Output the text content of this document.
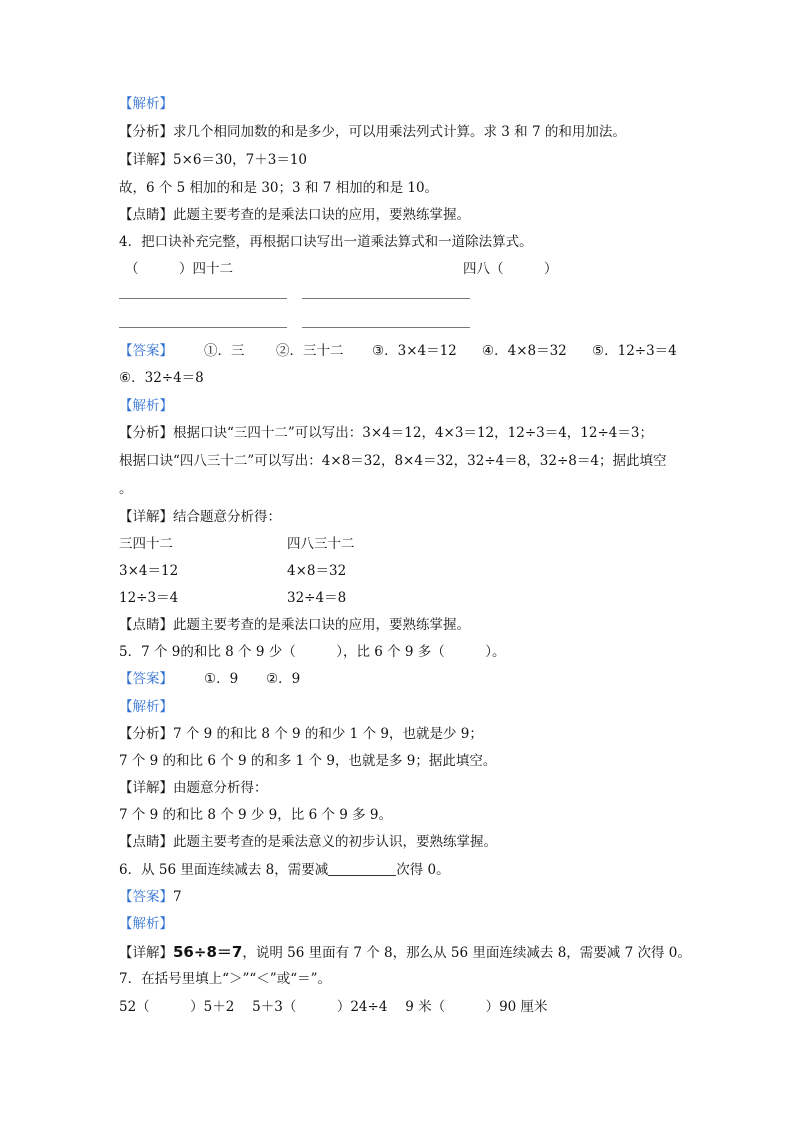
【解析】
【分析】求几个相同加数的和是多少，可以用乘法列式计算。求 3 和 7 的和用加法。
【详解】5×6＝30，7＋3＝10
故，6 个 5 相加的和是 30；3 和 7 相加的和是 10。
【点睛】此题主要考查的是乘法口诀的应用，要熟练掌握。
4．把口诀补充完整，再根据口诀写出一道乘法算式和一道除法算式。
（　　　）四十二	四八（　　　）
【答案】 ①．三 ②．三十二 ③．3×4＝12 ④．4×8＝32 ⑤．12÷3＝4
⑥．32÷4＝8
【解析】
【分析】根据口诀“三四十二”可以写出：3×4＝12，4×3＝12，12÷3＝4，12÷4＝3；
根据口诀“四八三十二”可以写出：4×8＝32，8×4＝32，32÷4＝8，32÷8＝4；据此填空
。
【详解】结合题意分析得：
三四十二	四八三十二
3×4＝12	4×8＝32
12÷3＝4	32÷4＝8
【点睛】此题主要考查的是乘法口诀的应用，要熟练掌握。
5．7 个 9的和比 8 个 9 少（　　　），比 6 个 9 多（　　　）。
【答案】 ①．9 ②．9
【解析】
【分析】7 个 9 的和比 8 个 9 的和少 1 个 9，也就是少 9；
7 个 9 的和比 6 个 9 的和多 1 个 9，也就是多 9；据此填空。
【详解】由题意分析得：
7 个 9 的和比 8 个 9 少 9，比 6 个 9 多 9。
【点睛】此题主要考查的是乘法意义的初步认识，要熟练掌握。
6．从 56 里面连续减去 8，需要减	次得 0。
【答案】7
【解析】
【详解】56÷8＝7，说明 56 里面有 7 个 8，那么从 56 里面连续减去 8，需要减 7 次得 0。
7．在括号里填上“＞”“＜”或“＝”。
52（　　　）5＋2　 5＋3（　　　）24÷4　 9 米（　　　）90 厘米
